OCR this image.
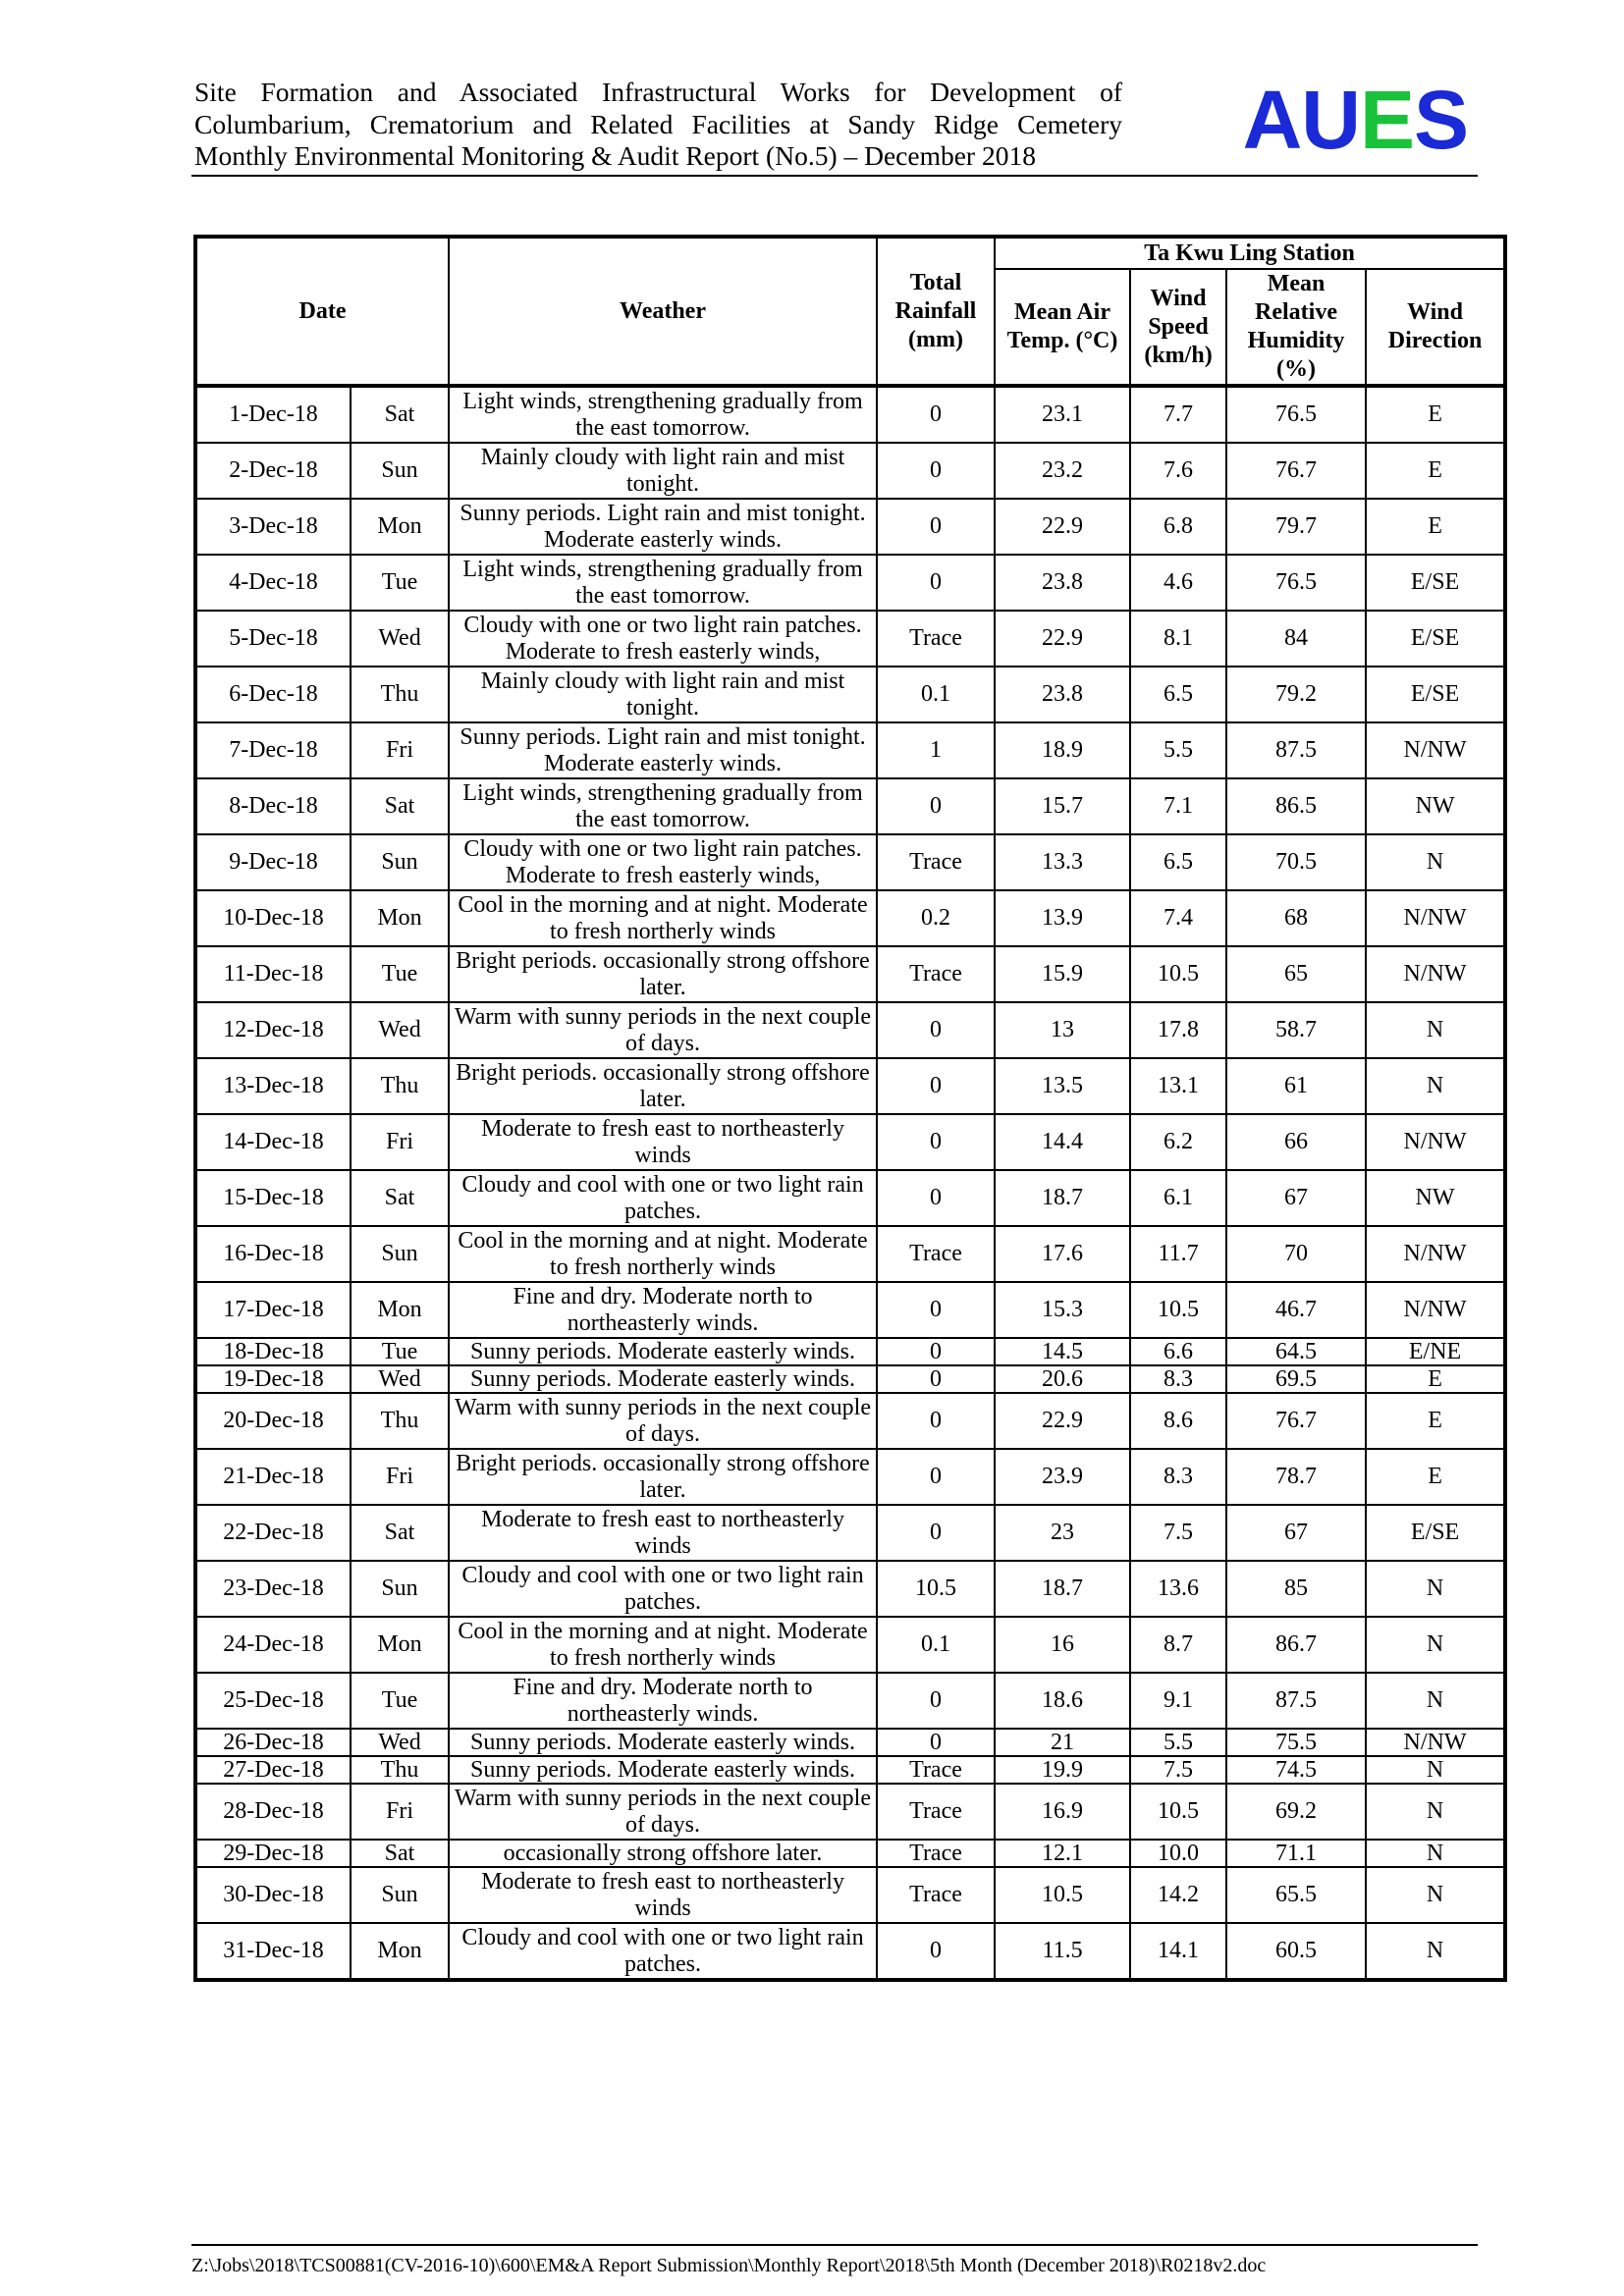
Site Formation and Associated Infrastructural Works for Development of
Columbarium, Crematorium and Related Facilities at Sandy Ridge Cemetery
Monthly Environmental Monitoring & Audit Report (No.5) – December 2018	AUES
Date		Weather	Total Rainfall (mm)	Ta Kwu Ling Station			
				Mean Air Temp. (°C)	Wind Speed (km/h)	Mean Relative Humidity (%)	Wind Direction
1-Dec-18	Sat	Light winds, strengthening gradually from the east tomorrow.	0	23.1	7.7	76.5	E
2-Dec-18	Sun	Mainly cloudy with light rain and mist tonight.	0	23.2	7.6	76.7	E
3-Dec-18	Mon	Sunny periods. Light rain and mist tonight. Moderate easterly winds.	0	22.9	6.8	79.7	E
4-Dec-18	Tue	Light winds, strengthening gradually from the east tomorrow.	0	23.8	4.6	76.5	E/SE
5-Dec-18	Wed	Cloudy with one or two light rain patches. Moderate to fresh easterly winds,	Trace	22.9	8.1	84	E/SE
6-Dec-18	Thu	Mainly cloudy with light rain and mist tonight.	0.1	23.8	6.5	79.2	E/SE
7-Dec-18	Fri	Sunny periods. Light rain and mist tonight. Moderate easterly winds.	1	18.9	5.5	87.5	N/NW
8-Dec-18	Sat	Light winds, strengthening gradually from the east tomorrow.	0	15.7	7.1	86.5	NW
9-Dec-18	Sun	Cloudy with one or two light rain patches. Moderate to fresh easterly winds,	Trace	13.3	6.5	70.5	N
10-Dec-18	Mon	Cool in the morning and at night. Moderate to fresh northerly winds	0.2	13.9	7.4	68	N/NW
11-Dec-18	Tue	Bright periods. occasionally strong offshore later.	Trace	15.9	10.5	65	N/NW
12-Dec-18	Wed	Warm with sunny periods in the next couple of days.	0	13	17.8	58.7	N
13-Dec-18	Thu	Bright periods. occasionally strong offshore later.	0	13.5	13.1	61	N
14-Dec-18	Fri	Moderate to fresh east to northeasterly winds	0	14.4	6.2	66	N/NW
15-Dec-18	Sat	Cloudy and cool with one or two light rain patches.	0	18.7	6.1	67	NW
16-Dec-18	Sun	Cool in the morning and at night. Moderate to fresh northerly winds	Trace	17.6	11.7	70	N/NW
17-Dec-18	Mon	Fine and dry. Moderate north to northeasterly winds.	0	15.3	10.5	46.7	N/NW
18-Dec-18	Tue	Sunny periods. Moderate easterly winds.	0	14.5	6.6	64.5	E/NE
19-Dec-18	Wed	Sunny periods. Moderate easterly winds.	0	20.6	8.3	69.5	E
20-Dec-18	Thu	Warm with sunny periods in the next couple of days.	0	22.9	8.6	76.7	E
21-Dec-18	Fri	Bright periods. occasionally strong offshore later.	0	23.9	8.3	78.7	E
22-Dec-18	Sat	Moderate to fresh east to northeasterly winds	0	23	7.5	67	E/SE
23-Dec-18	Sun	Cloudy and cool with one or two light rain patches.	10.5	18.7	13.6	85	N
24-Dec-18	Mon	Cool in the morning and at night. Moderate to fresh northerly winds	0.1	16	8.7	86.7	N
25-Dec-18	Tue	Fine and dry. Moderate north to northeasterly winds.	0	18.6	9.1	87.5	N
26-Dec-18	Wed	Sunny periods. Moderate easterly winds.	0	21	5.5	75.5	N/NW
27-Dec-18	Thu	Sunny periods. Moderate easterly winds.	Trace	19.9	7.5	74.5	N
28-Dec-18	Fri	Warm with sunny periods in the next couple of days.	Trace	16.9	10.5	69.2	N
29-Dec-18	Sat	occasionally strong offshore later.	Trace	12.1	10.0	71.1	N
30-Dec-18	Sun	Moderate to fresh east to northeasterly winds	Trace	10.5	14.2	65.5	N
31-Dec-18	Mon	Cloudy and cool with one or two light rain patches.	0	11.5	14.1	60.5	N
Z:\Jobs\2018\TCS00881(CV-2016-10)\600\EM&A Report Submission\Monthly Report\2018\5th Month (December 2018)\R0218v2.doc
